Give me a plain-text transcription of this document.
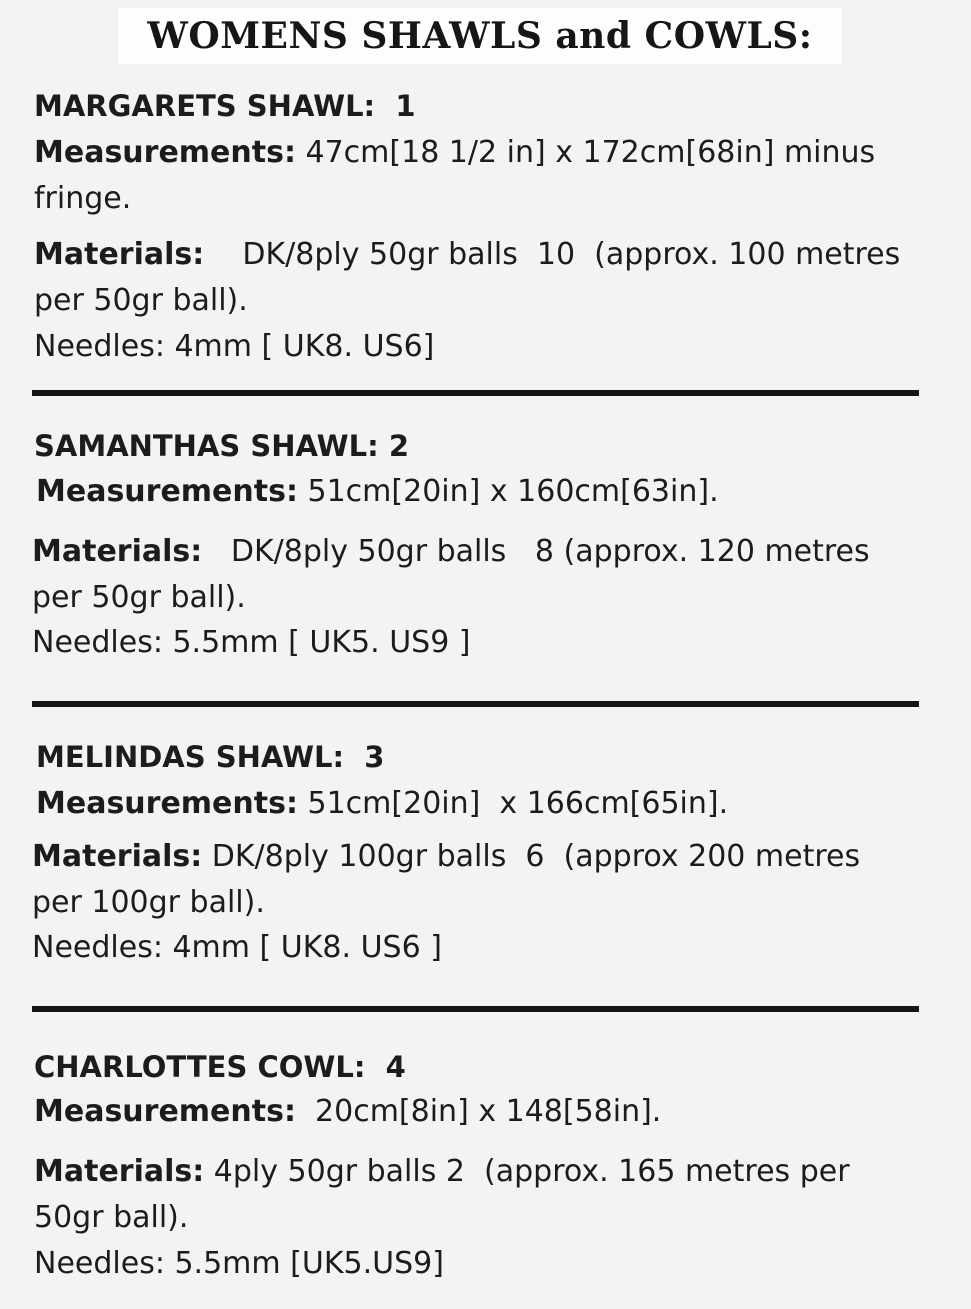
WOMENS SHAWLS and COWLS:

MARGARETS SHAWL:  1

Measurements: 47cm[18 1/2 in] x 172cm[68in] minus

fringe.

Materials:    DK/8ply 50gr balls  10  (approx. 100 metres

per 50gr ball).

Needles: 4mm [ UK8. US6]

SAMANTHAS SHAWL: 2

Measurements: 51cm[20in] x 160cm[63in].

Materials:   DK/8ply 50gr balls   8 (approx. 120 metres

per 50gr ball).

Needles: 5.5mm [ UK5. US9 ]

MELINDAS SHAWL:  3

Measurements: 51cm[20in]  x 166cm[65in].

Materials: DK/8ply 100gr balls  6  (approx 200 metres

per 100gr ball).

Needles: 4mm [ UK8. US6 ]

CHARLOTTES COWL:  4

Measurements:  20cm[8in] x 148[58in].

Materials: 4ply 50gr balls 2  (approx. 165 metres per

50gr ball).

Needles: 5.5mm [UK5.US9]
